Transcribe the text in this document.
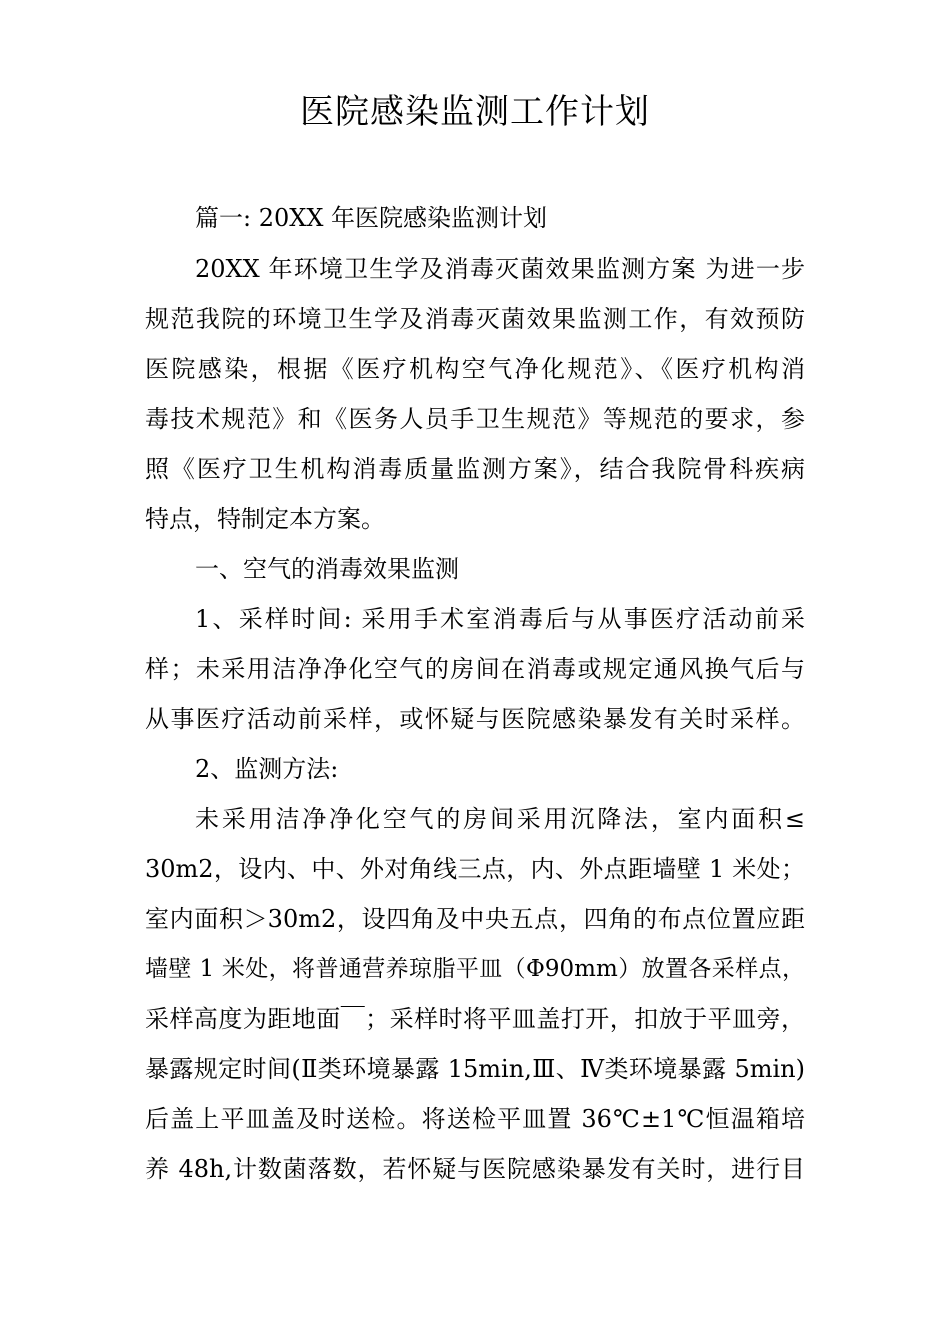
医院感染监测工作计划

篇一: 20XX 年医院感染监测计划

20XX 年环境卫生学及消毒灭菌效果监测方案 为进一步

规范我院的环境卫生学及消毒灭菌效果监测工作，有效预防

医院感染，根据《医疗机构空气净化规范》、《医疗机构消

毒技术规范》和《医务人员手卫生规范》等规范的要求，参

照《医疗卫生机构消毒质量监测方案》，结合我院骨科疾病

特点，特制定本方案。

一、空气的消毒效果监测

1、采样时间: 采用手术室消毒后与从事医疗活动前采

样；未采用洁净净化空气的房间在消毒或规定通风换气后与

从事医疗活动前采样，或怀疑与医院感染暴发有关时采样。

2、监测方法:

未采用洁净净化空气的房间采用沉降法，室内面积≤

30m2，设内、中、外对角线三点，内、外点距墙壁 1 米处；

室内面积＞30m2，设四角及中央五点，四角的布点位置应距

墙壁 1 米处，将普通营养琼脂平皿（Φ90mm）放置各采样点，

采样高度为距地面￣；采样时将平皿盖打开，扣放于平皿旁，

暴露规定时间(Ⅱ类环境暴露 15min,Ⅲ、Ⅳ类环境暴露 5min)

后盖上平皿盖及时送检。将送检平皿置 36℃±1℃恒温箱培

养 48h,计数菌落数，若怀疑与医院感染暴发有关时，进行目
